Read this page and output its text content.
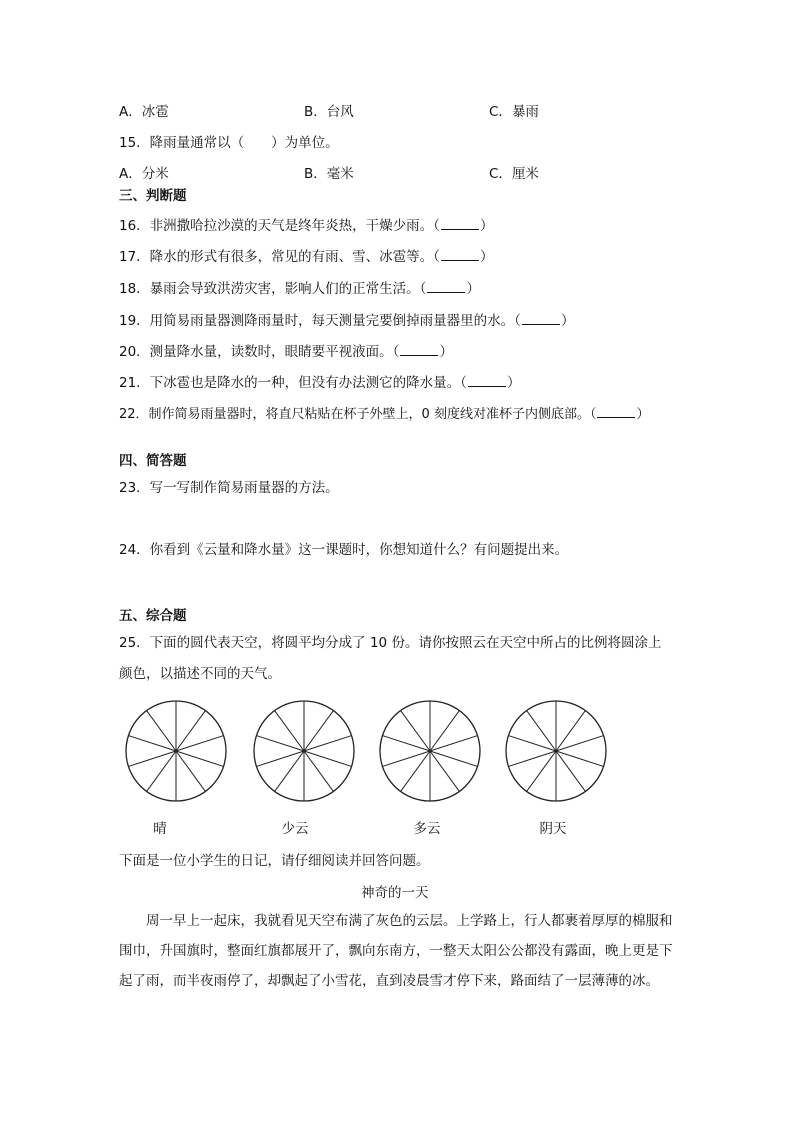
A．冰雹	B．台风	C．暴雨
15．降雨量通常以（　　）为单位。
A．分米	B．毫米	C．厘米
三、判断题
16．非洲撒哈拉沙漠的天气是终年炎热，干燥少雨。（	）
17．降水的形式有很多，常见的有雨、雪、冰雹等。（	）
18．暴雨会导致洪涝灾害，影响人们的正常生活。（	）
19．用简易雨量器测降雨量时，每天测量完要倒掉雨量器里的水。（	）
20．测量降水量，读数时，眼睛要平视液面。（	）
21．下冰雹也是降水的一种，但没有办法测它的降水量。（	）
22．制作简易雨量器时，将直尺粘贴在杯子外壁上，0 刻度线对准杯子内侧底部。（	）
四、简答题
23．写一写制作简易雨量器的方法。
24．你看到《云量和降水量》这一课题时，你想知道什么？有问题提出来。
五、综合题
25．下面的圆代表天空，将圆平均分成了 10 份。请你按照云在天空中所占的比例将圆涂上
颜色，以描述不同的天气。
晴	少云	多云	阴天
下面是一位小学生的日记，请仔细阅读并回答问题。
神奇的一天
周一早上一起床，我就看见天空布满了灰色的云层。上学路上，行人都裹着厚厚的棉服和围巾，升国旗时，整面红旗都展开了，飘向东南方，一整天太阳公公都没有露面，晚上更是下起了雨，而半夜雨停了，却飘起了小雪花，直到凌晨雪才停下来，路面结了一层薄薄的冰。
